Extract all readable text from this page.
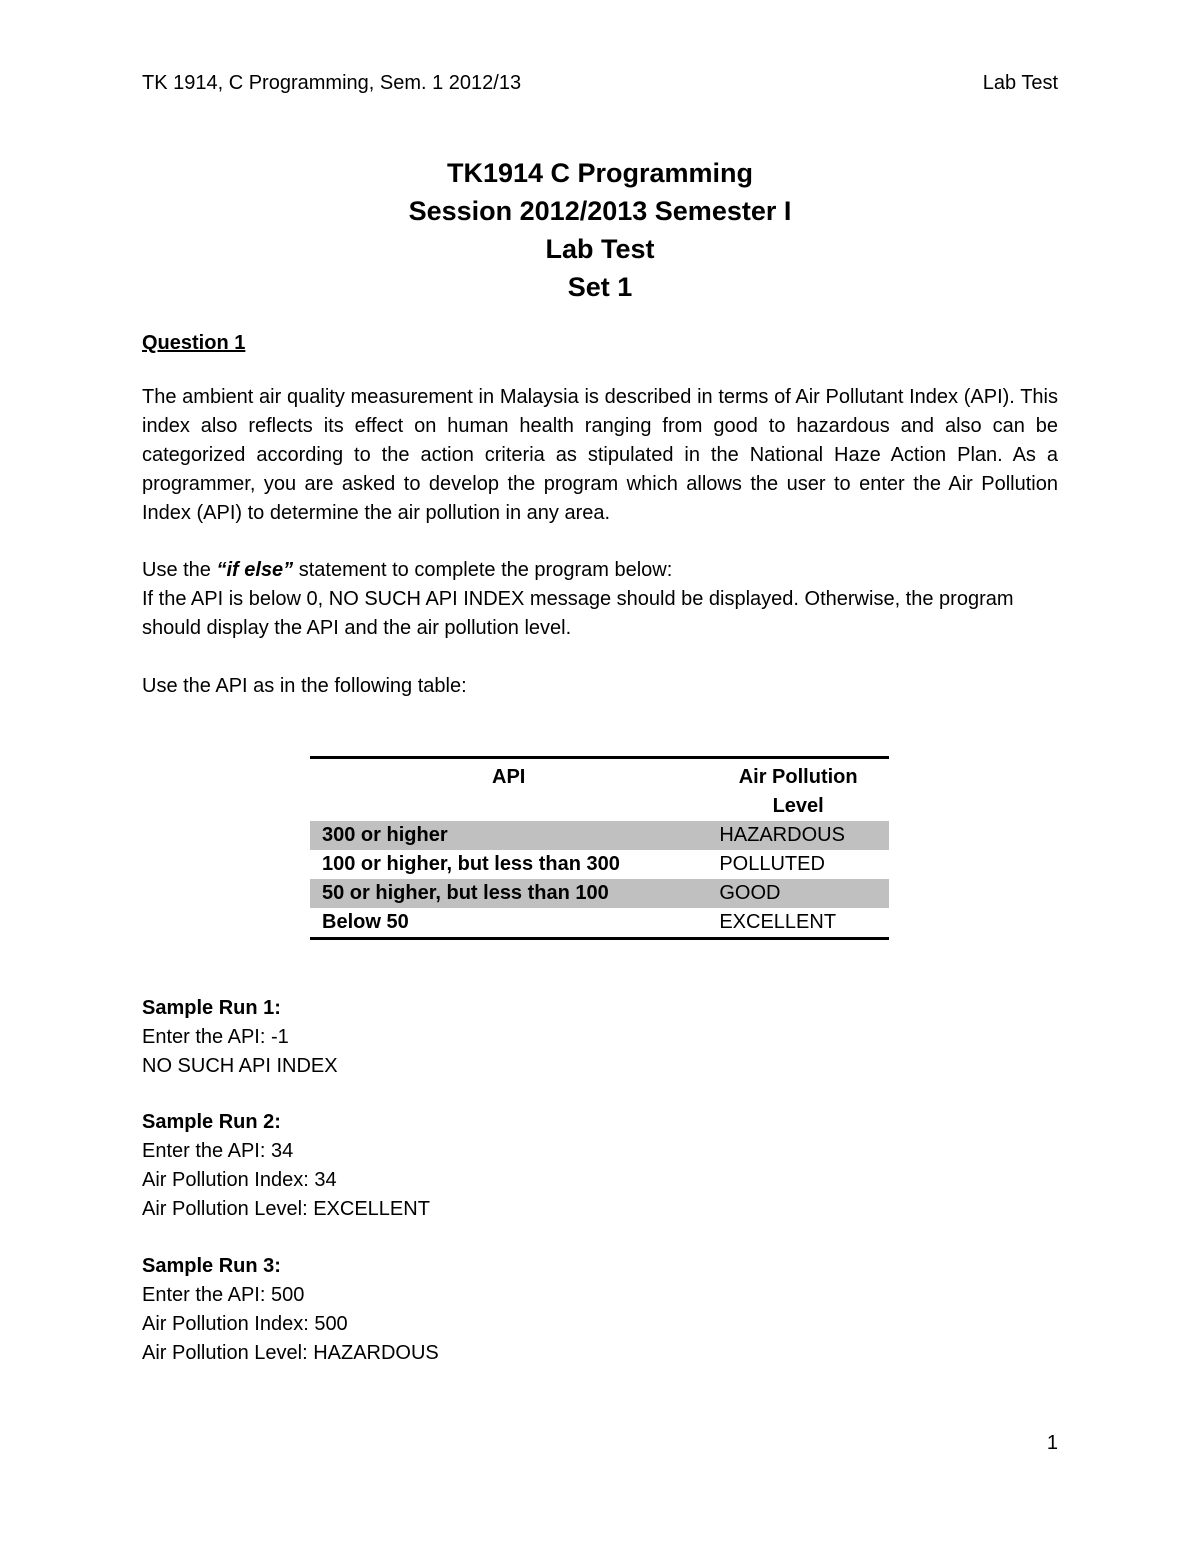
TK 1914, C Programming, Sem. 1 2012/13	Lab Test
TK1914 C Programming
Session 2012/2013 Semester I
Lab Test
Set 1
Question 1
The ambient air quality measurement in Malaysia is described in terms of Air Pollutant Index (API). This index also reflects its effect on human health ranging from good to hazardous and also can be categorized according to the action criteria as stipulated in the National Haze Action Plan. As a programmer, you are asked to develop the program which allows the user to enter the Air Pollution Index (API) to determine the air pollution in any area.
Use the “if else” statement to complete the program below:
If the API is below 0, NO SUCH API INDEX message should be displayed. Otherwise, the program should display the API and the air pollution level.
Use the API as in the following table:
API	Air Pollution Level
300 or higher	HAZARDOUS
100 or higher, but less than 300	POLLUTED
50 or higher, but less than 100	GOOD
Below 50	EXCELLENT
Sample Run 1:
Enter the API: -1
NO SUCH API INDEX
Sample Run 2:
Enter the API: 34
Air Pollution Index: 34
Air Pollution Level: EXCELLENT
Sample Run 3:
Enter the API: 500
Air Pollution Index: 500
Air Pollution Level: HAZARDOUS
1
